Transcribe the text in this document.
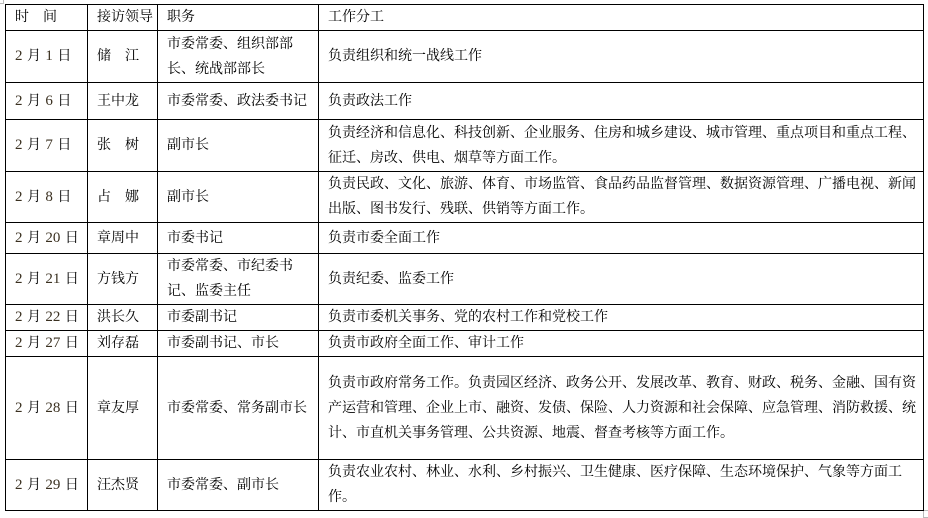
时　间	接访领导	职务	工作分工
2 月 1 日	储　江	市委常委、组织部部长、统战部部长	负责组织和统一战线工作
2 月 6 日	王中龙	市委常委、政法委书记	负责政法工作
2 月 7 日	张　树	副市长	负责经济和信息化、科技创新、企业服务、住房和城乡建设、城市管理、重点项目和重点工程、征迁、房改、供电、烟草等方面工作。
2 月 8 日	占　娜	副市长	负责民政、文化、旅游、体育、市场监管、食品药品监督管理、数据资源管理、广播电视、新闻出版、图书发行、残联、供销等方面工作。
2 月 20 日	章周中	市委书记	负责市委全面工作
2 月 21 日	方钱方	市委常委、市纪委书记、监委主任	负责纪委、监委工作
2 月 22 日	洪长久	市委副书记	负责市委机关事务、党的农村工作和党校工作
2 月 27 日	刘存磊	市委副书记、市长	负责市政府全面工作、审计工作
2 月 28 日	章友厚	市委常委、常务副市长	负责市政府常务工作。负责园区经济、政务公开、发展改革、教育、财政、税务、金融、国有资产运营和管理、企业上市、融资、发债、保险、人力资源和社会保障、应急管理、消防救援、统计、市直机关事务管理、公共资源、地震、督查考核等方面工作。
2 月 29 日	汪杰贤	市委常委、副市长	负责农业农村、林业、水利、乡村振兴、卫生健康、医疗保障、生态环境保护、气象等方面工作。
